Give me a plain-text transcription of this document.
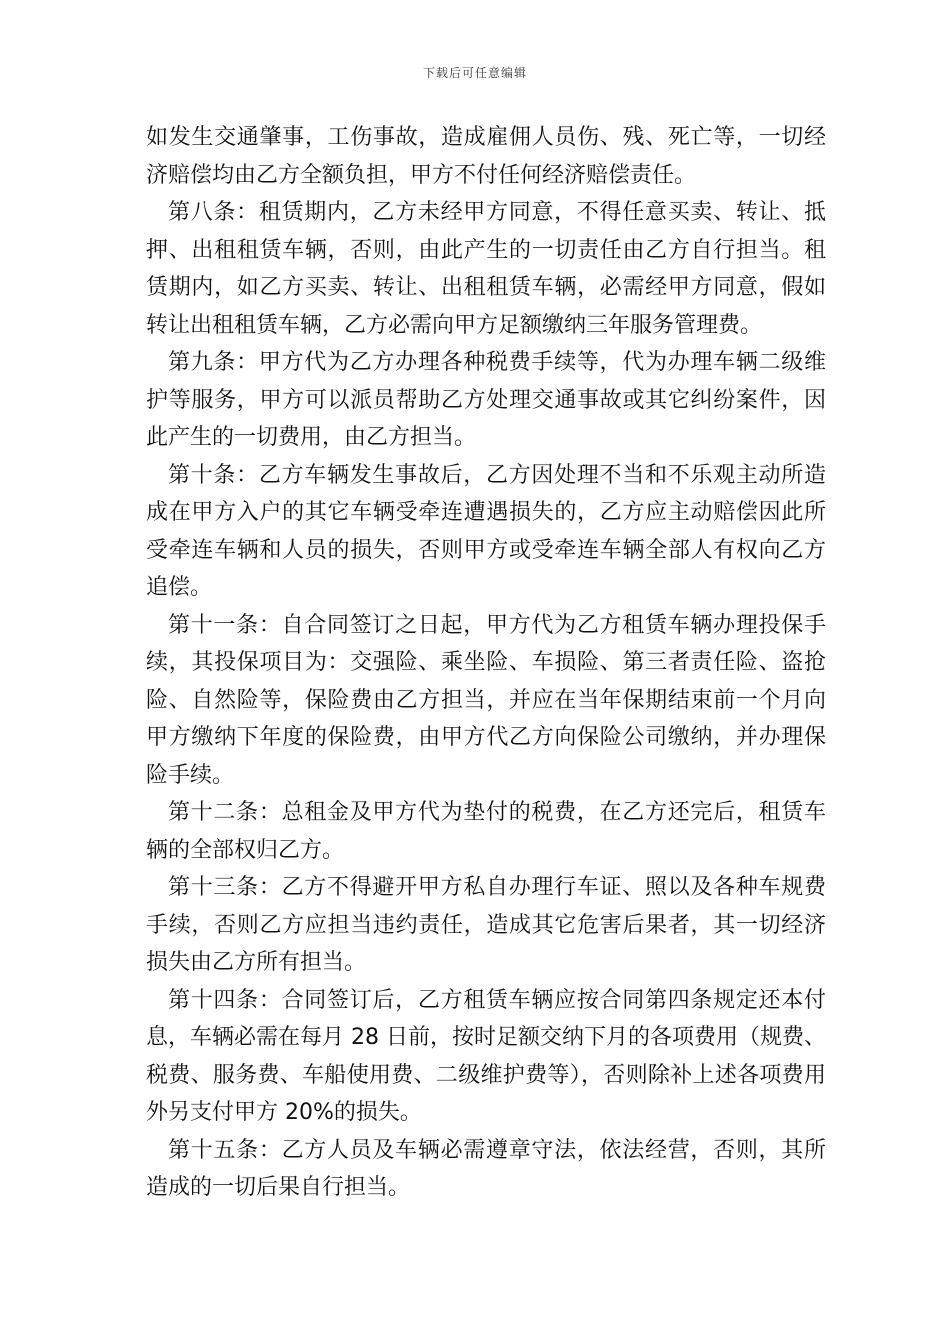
下载后可任意编辑

如发生交通肇事，工伤事故，造成雇佣人员伤、残、死亡等，一切经济赔偿均由乙方全额负担，甲方不付任何经济赔偿责任。

第八条：租赁期内，乙方未经甲方同意，不得任意买卖、转让、抵押、出租租赁车辆，否则，由此产生的一切责任由乙方自行担当。租赁期内，如乙方买卖、转让、出租租赁车辆，必需经甲方同意，假如转让出租租赁车辆，乙方必需向甲方足额缴纳三年服务管理费。

第九条：甲方代为乙方办理各种税费手续等，代为办理车辆二级维护等服务，甲方可以派员帮助乙方处理交通事故或其它纠纷案件，因此产生的一切费用，由乙方担当。

第十条：乙方车辆发生事故后，乙方因处理不当和不乐观主动所造成在甲方入户的其它车辆受牵连遭遇损失的，乙方应主动赔偿因此所受牵连车辆和人员的损失，否则甲方或受牵连车辆全部人有权向乙方追偿。

第十一条：自合同签订之日起，甲方代为乙方租赁车辆办理投保手续，其投保项目为：交强险、乘坐险、车损险、第三者责任险、盗抢险、自然险等，保险费由乙方担当，并应在当年保期结束前一个月向甲方缴纳下年度的保险费，由甲方代乙方向保险公司缴纳，并办理保险手续。

第十二条：总租金及甲方代为垫付的税费，在乙方还完后，租赁车辆的全部权归乙方。

第十三条：乙方不得避开甲方私自办理行车证、照以及各种车规费手续，否则乙方应担当违约责任，造成其它危害后果者，其一切经济损失由乙方所有担当。

第十四条：合同签订后，乙方租赁车辆应按合同第四条规定还本付息，车辆必需在每月 28 日前，按时足额交纳下月的各项费用（规费、税费、服务费、车船使用费、二级维护费等），否则除补上述各项费用外另支付甲方 20%的损失。

第十五条：乙方人员及车辆必需遵章守法，依法经营，否则，其所造成的一切后果自行担当。
